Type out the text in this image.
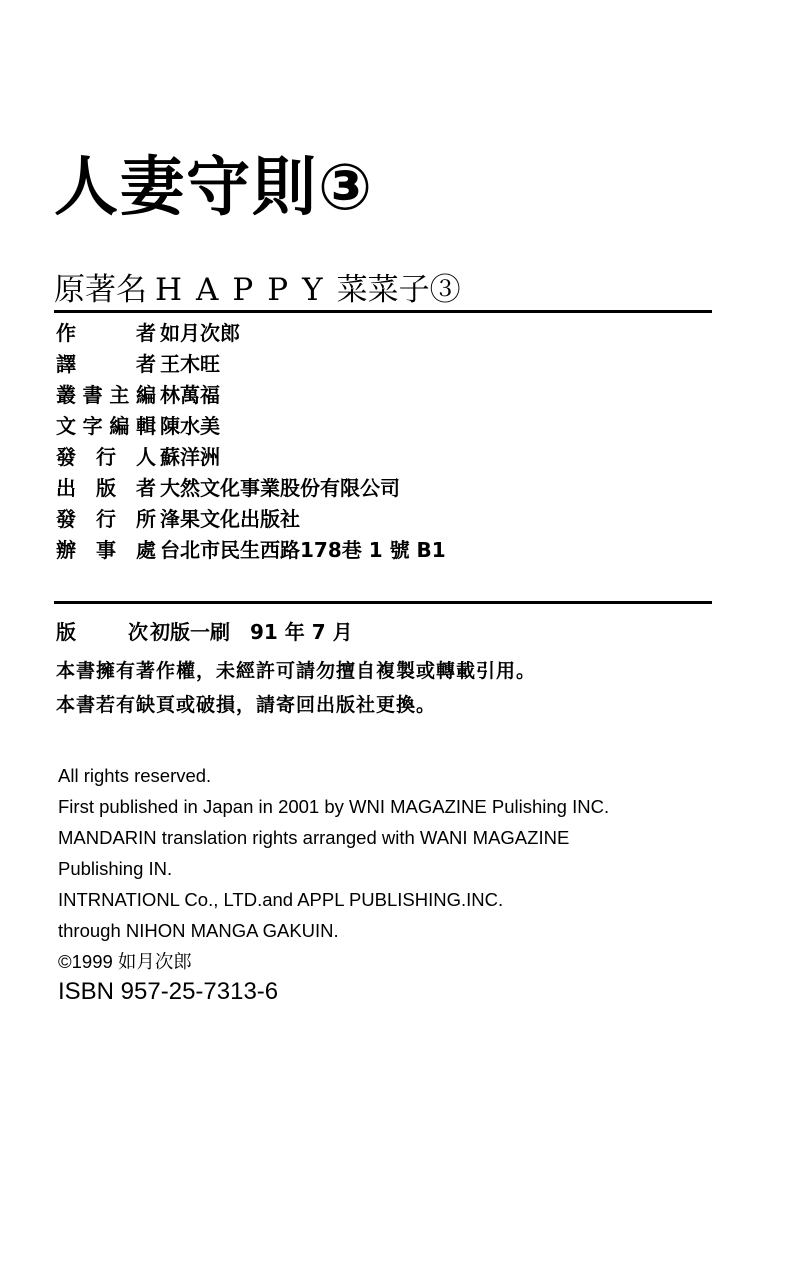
人妻守則③
原著名 HAPPY菜菜子③
作	者 如月次郎
譯	者 王木旺
叢 書 主 編 林萬福
文 字 編 輯 陳水美
發 行 人 蘇洋洲
出 版 者 大然文化事業股份有限公司
發 行 所 浲果文化出版社
辦 事 處 台北市民生西路178巷 1 號 B1
版	次 初版一刷　91 年 7 月
本書擁有著作權，未經許可請勿擅自複製或轉載引用。
本書若有缺頁或破損，請寄回出版社更換。
All rights reserved.
First published in Japan in 2001 by WNI MAGAZINE Pulishing INC.
MANDARIN translation rights arranged with WANI MAGAZINE
Publishing IN.
INTRNATIONL Co., LTD.and APPL PUBLISHING.INC.
through NIHON MANGA GAKUIN.
©1999 如月次郎
ISBN 957-25-7313-6
